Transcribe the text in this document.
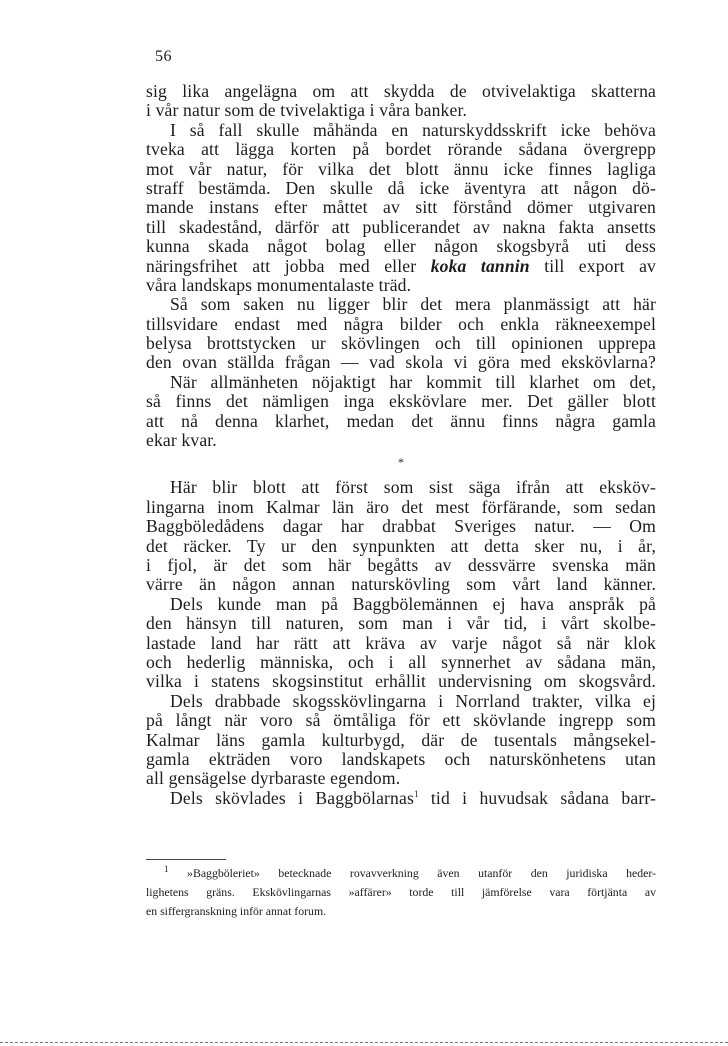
56
sig lika angelägna om att skydda de otvivelaktiga skatterna
i vår natur som de tvivelaktiga i våra banker.
I så fall skulle måhända en naturskyddsskrift icke behöva
tveka att lägga korten på bordet rörande sådana övergrepp
mot vår natur, för vilka det blott ännu icke finnes lagliga
straff bestämda. Den skulle då icke äventyra att någon dö-
mande instans efter måttet av sitt förstånd dömer utgivaren
till skadestånd, därför att publicerandet av nakna fakta ansetts
kunna skada något bolag eller någon skogsbyrå uti dess
näringsfrihet att jobba med eller koka tannin till export av
våra landskaps monumentalaste träd.
Så som saken nu ligger blir det mera planmässigt att här
tillsvidare endast med några bilder och enkla räkneexempel
belysa brottstycken ur skövlingen och till opinionen upprepa
den ovan ställda frågan — vad skola vi göra med ekskövlarna?
När allmänheten nöjaktigt har kommit till klarhet om det,
så finns det nämligen inga ekskövlare mer. Det gäller blott
att nå denna klarhet, medan det ännu finns några gamla
ekar kvar.
*
Här blir blott att först som sist säga ifrån att eksköv-
lingarna inom Kalmar län äro det mest förfärande, som sedan
Baggböledådens dagar har drabbat Sveriges natur. — Om
det räcker. Ty ur den synpunkten att detta sker nu, i år,
i fjol, är det som här begåtts av dessvärre svenska män
värre än någon annan naturskövling som vårt land känner.
Dels kunde man på Baggbölemännen ej hava anspråk på
den hänsyn till naturen, som man i vår tid, i vårt skolbe-
lastade land har rätt att kräva av varje något så när klok
och hederlig människa, och i all synnerhet av sådana män,
vilka i statens skogsinstitut erhållit undervisning om skogsvård.
Dels drabbade skogsskövlingarna i Norrland trakter, vilka ej
på långt när voro så ömtåliga för ett skövlande ingrepp som
Kalmar läns gamla kulturbygd, där de tusentals mångsekel-
gamla ekträden voro landskapets och naturskönhetens utan
all gensägelse dyrbaraste egendom.
Dels skövlades i Baggbölarnas$^1$ tid i huvudsak sådana barr-
$^1$ »Baggböleriet» betecknade rovavverkning även utanför den juridiska heder-
lighetens gräns. Ekskövlingarnas »affärer» torde till jämförelse vara förtjänta av
en siffergranskning inför annat forum.
